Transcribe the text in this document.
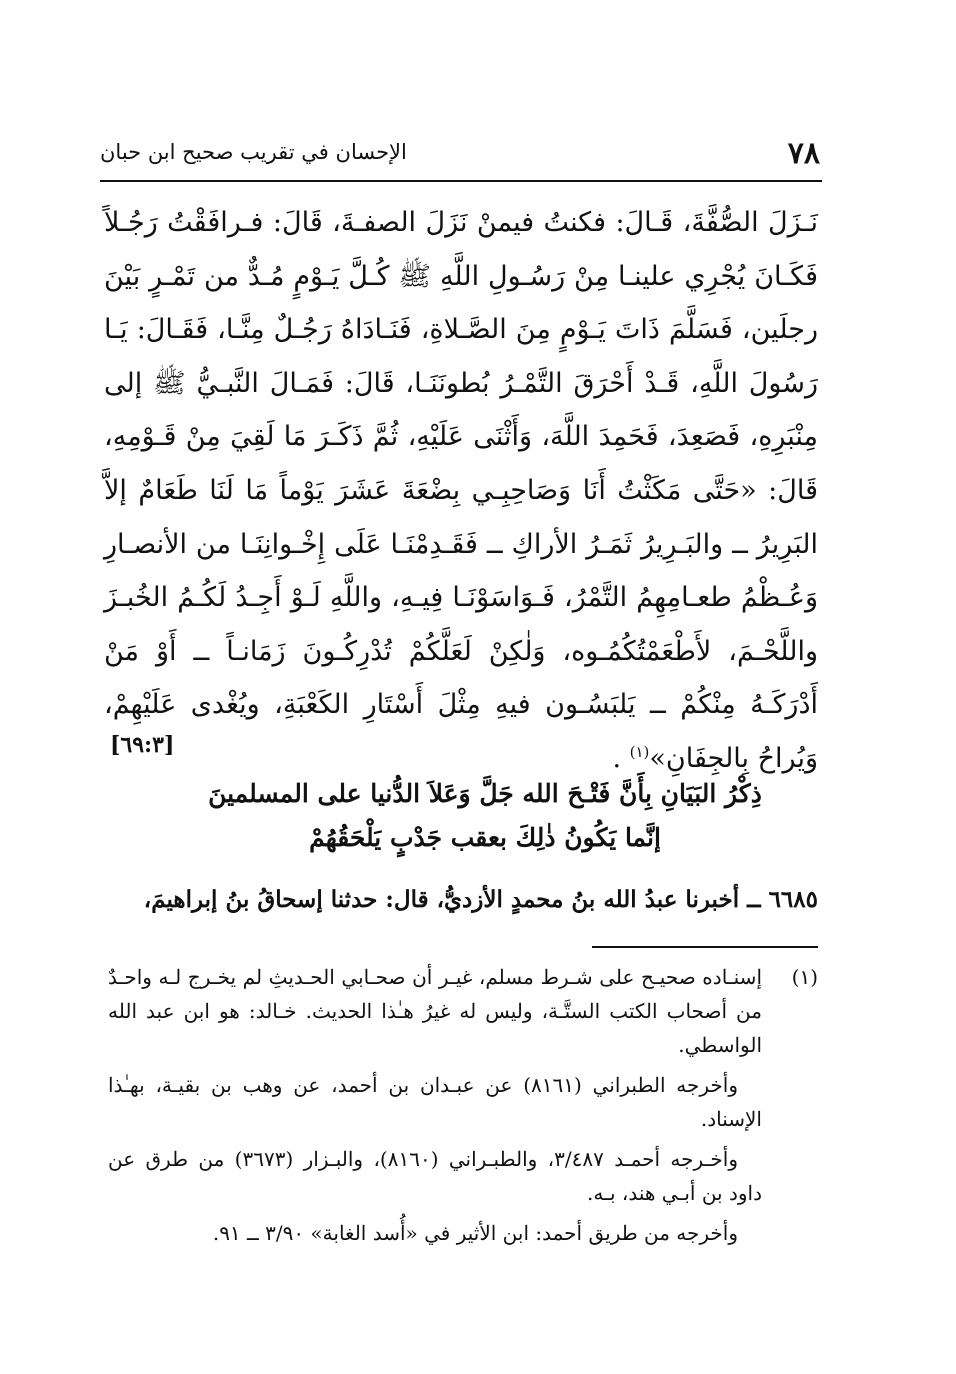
٧٨
الإحسان في تقريب صحيح ابن حبان

نَـزَلَ الصُّفَّةَ، قَـالَ: فكنتُ فيمنْ نَزَلَ الصفـةَ، قَالَ: فـرافَقْتُ رَجُـلاً فَكَـانَ يُجْرِي علينـا مِنْ رَسُـولِ اللَّهِ ﷺ كُـلَّ يَـوْمٍ مُـدٌّ من تَمْـرٍ بَيْنَ رجلَين، فَسَلَّمَ ذَاتَ يَـوْمٍ مِنَ الصَّـلاةِ، فَنَـادَاهُ رَجُـلٌ مِنَّـا، فَقَـالَ: يَـا رَسُولَ اللَّهِ، قَـدْ أَحْرَقَ التَّمْـرُ بُطونَنَـا، قَالَ: فَمَـالَ النَّبـيُّ ﷺ إلى مِنْبَرِهِ، فَصَعِدَ، فَحَمِدَ اللَّهَ، وَأَثْنَى عَلَيْهِ، ثُمَّ ذَكَـرَ مَا لَقِيَ مِنْ قَـوْمِهِ، قَالَ: «حَتَّى مَكَثْتُ أَنَا وَصَاحِبِـي بِضْعَةَ عَشَرَ يَوْماً مَا لَنَا طَعَامٌ إلاَّ البَرِيرُ ــ والبَـرِيرُ ثَمَـرُ الأراكِ ــ فَقَـدِمْنَـا عَلَى إِخْـوانِنَـا من الأنصـارِ وَعُـظْمُ طعـامِهِمُ التَّمْرُ، فَـوَاسَوْنَـا فِيـهِ، واللَّهِ لَـوْ أَجِـدُ لَكُـمُ الخُبـزَ واللَّحْـمَ، لأَطْعَمْتُكُمُـوه، وَلٰكِنْ لَعَلَّكُمْ تُدْرِكُـونَ زَمَانـاً ــ أَوْ مَنْ أَدْرَكَـهُ مِنْكُمْ ــ يَلبَسُـون فيهِ مِثْلَ أَسْتَارِ الكَعْبَةِ، ويُغْدى عَلَيْهِمْ، وَيُراحُ بِالجِفَانِ»$^{(١)}$ .

[٦٩:٣]
ذِكْرُ البَيَانِ بِأَنَّ فَتْـحَ الله جَلَّ وَعَلاَ الدُّنيا على المسلمينَ
إنَّما يَكُونُ ذٰلِكَ بعقب جَدْبٍ يَلْحَقُهُمْ
٦٦٨٥ ــ أخبرنا عبدُ الله بنُ محمدٍ الأزديُّ، قال: حدثنا إسحاقُ بنُ إبراهيمَ،
(١)
إسنـاده صحيـح على شـرط مسلم، غيـر أن صحـابي الحـديثِ لم يخـرج لـه واحـدٌ من أصحاب الكتب الستَّـة، وليس له غيرُ هـٰذا الحديث. خـالد: هو ابن عبد الله الواسطي.
وأخرجه الطبراني (٨١٦١) عن عبـدان بن أحمد، عن وهب بن بقيـة، بهـٰذا الإسناد.
وأخـرجه أحمـد ٣/٤٨٧، والطبـراني (٨١٦٠)، والبـزار (٣٦٧٣) من طرق عن داود بن أبـي هند، بـه.
وأخرجه من طريق أحمد: ابن الأثير في «أُسد الغابة» ٣/٩٠ ــ ٩١.
